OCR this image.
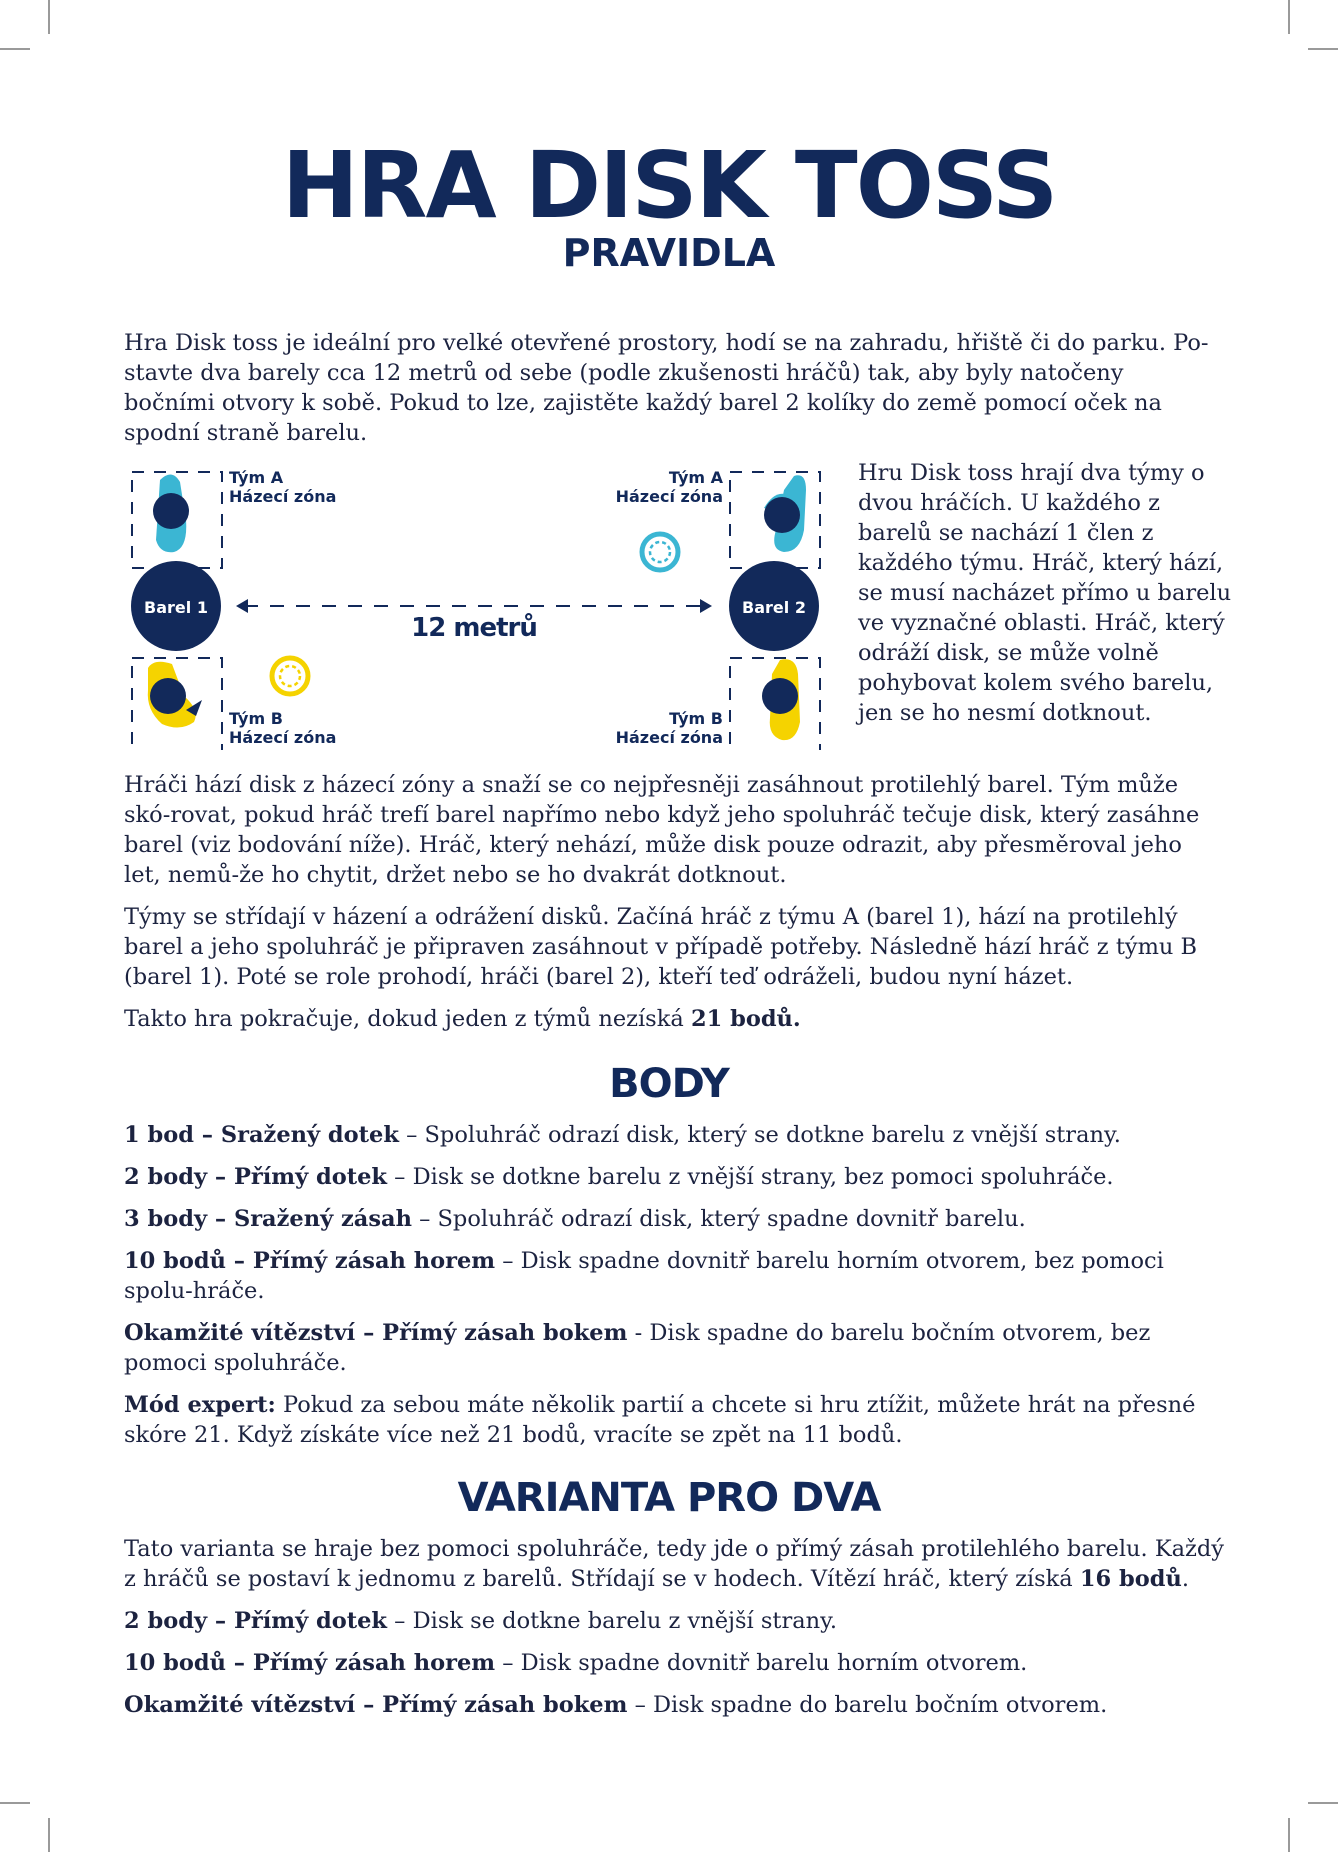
HRA DISK TOSS
PRAVIDLA

Hra Disk toss je ideální pro velké otevřené prostory, hodí se na zahradu, hřiště či do parku. Po-stavte dva barely cca 12 metrů od sebe (podle zkušenosti hráčů) tak, aby byly natočeny bočními otvory k sobě. Pokud to lze, zajistěte každý barel 2 kolíky do země pomocí oček na spodní straně barelu.

Barel 1	Barel 2
12 metrů
Tým A
Házecí zóna
Tým A
Házecí zóna
Tým B
Házecí zóna
Tým B
Házecí zóna

Hru Disk toss hrají dva týmy o dvou hráčích. U každého z barelů se nachází 1 člen z každého týmu. Hráč, který hází, se musí nacházet přímo u barelu ve vyznačné oblasti. Hráč, který odráží disk, se může volně pohybovat kolem svého barelu, jen se ho nesmí dotknout.

Hráči hází disk z házecí zóny a snaží se co nejpřesněji zasáhnout protilehlý barel. Tým může skó-rovat, pokud hráč trefí barel napřímo nebo když jeho spoluhráč tečuje disk, který zasáhne barel (viz bodování níže). Hráč, který nehází, může disk pouze odrazit, aby přesměroval jeho let, nemů-že ho chytit, držet nebo se ho dvakrát dotknout.

Týmy se střídají v házení a odrážení disků. Začíná hráč z týmu A (barel 1), hází na protilehlý barel a jeho spoluhráč je připraven zasáhnout v případě potřeby. Následně hází hráč z týmu B (barel 1). Poté se role prohodí, hráči (barel 2), kteří teď odráželi, budou nyní házet.

Takto hra pokračuje, dokud jeden z týmů nezíská 21 bodů.

BODY

1 bod – Sražený dotek – Spoluhráč odrazí disk, který se dotkne barelu z vnější strany.

2 body – Přímý dotek – Disk se dotkne barelu z vnější strany, bez pomoci spoluhráče.

3 body – Sražený zásah – Spoluhráč odrazí disk, který spadne dovnitř barelu.

10 bodů – Přímý zásah horem – Disk spadne dovnitř barelu horním otvorem, bez pomoci spolu-hráče.

Okamžité vítězství – Přímý zásah bokem - Disk spadne do barelu bočním otvorem, bez pomoci spoluhráče.

Mód expert: Pokud za sebou máte několik partií a chcete si hru ztížit, můžete hrát na přesné skóre 21. Když získáte více než 21 bodů, vracíte se zpět na 11 bodů.

VARIANTA PRO DVA

Tato varianta se hraje bez pomoci spoluhráče, tedy jde o přímý zásah protilehlého barelu. Každý z hráčů se postaví k jednomu z barelů. Střídají se v hodech. Vítězí hráč, který získá 16 bodů.

2 body – Přímý dotek – Disk se dotkne barelu z vnější strany.

10 bodů – Přímý zásah horem – Disk spadne dovnitř barelu horním otvorem.

Okamžité vítězství – Přímý zásah bokem – Disk spadne do barelu bočním otvorem.
